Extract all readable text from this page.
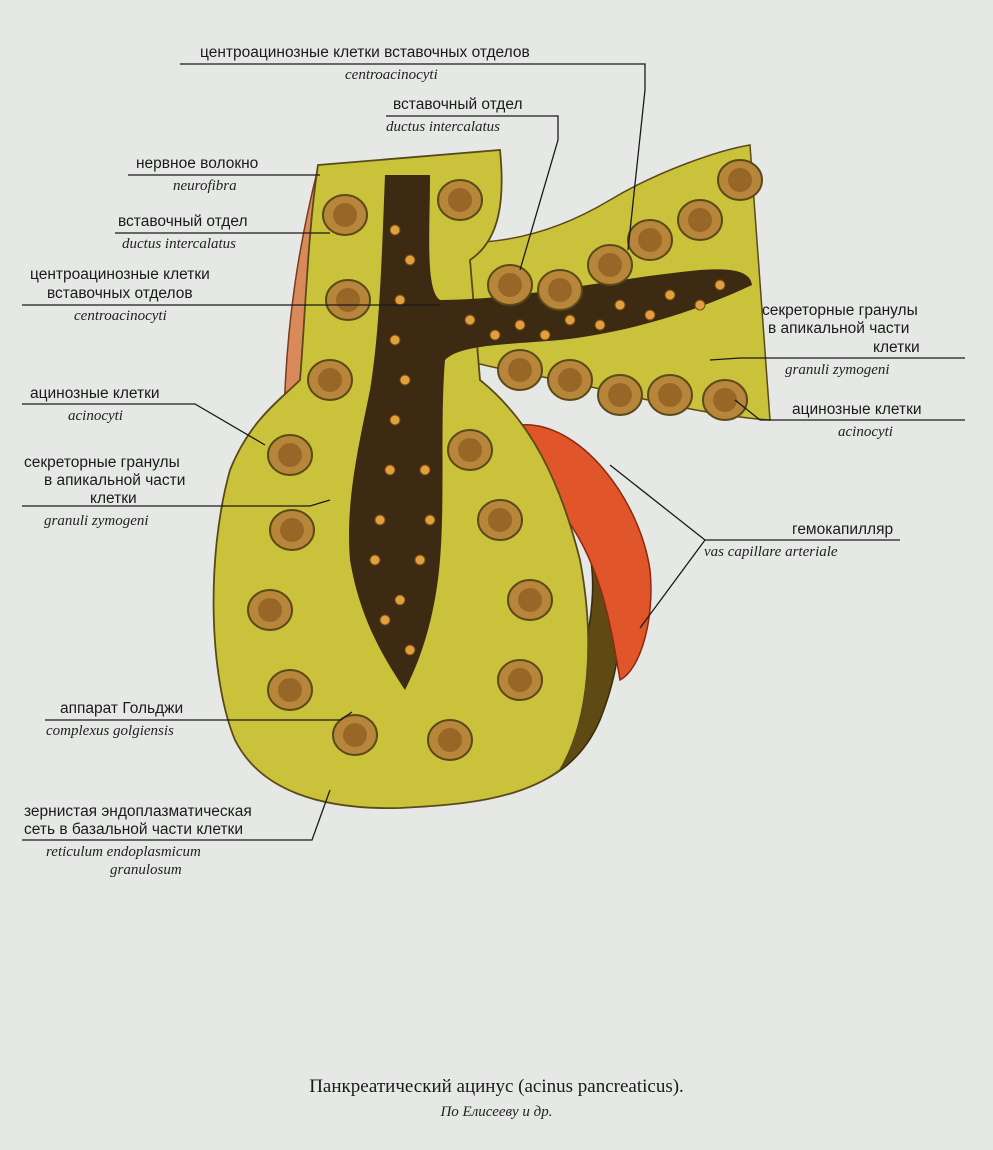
центроацинозные клетки вставочных отделов
centroacinocyti
вставочный отдел
ductus intercalatus
нервное волокно
neurofibra
вставочный отдел
ductus intercalatus
центроацинозные клетки
вставочных отделов
centroacinocyti
ацинозные клетки
acinocyti
секреторные гранулы
в апикальной части
клетки
granuli zymogeni
аппарат Гольджи
complexus golgiensis
зернистая эндоплазматическая
сеть в базальной части клетки
reticulum endoplasmicum
granulosum
секреторные гранулы
в апикальной части
клетки
granuli zymogeni
ацинозные клетки
acinocyti
гемокапилляр
vas capillare arteriale
Панкреатический ацинус (acinus pancreaticus).
По Елисееву и др.
